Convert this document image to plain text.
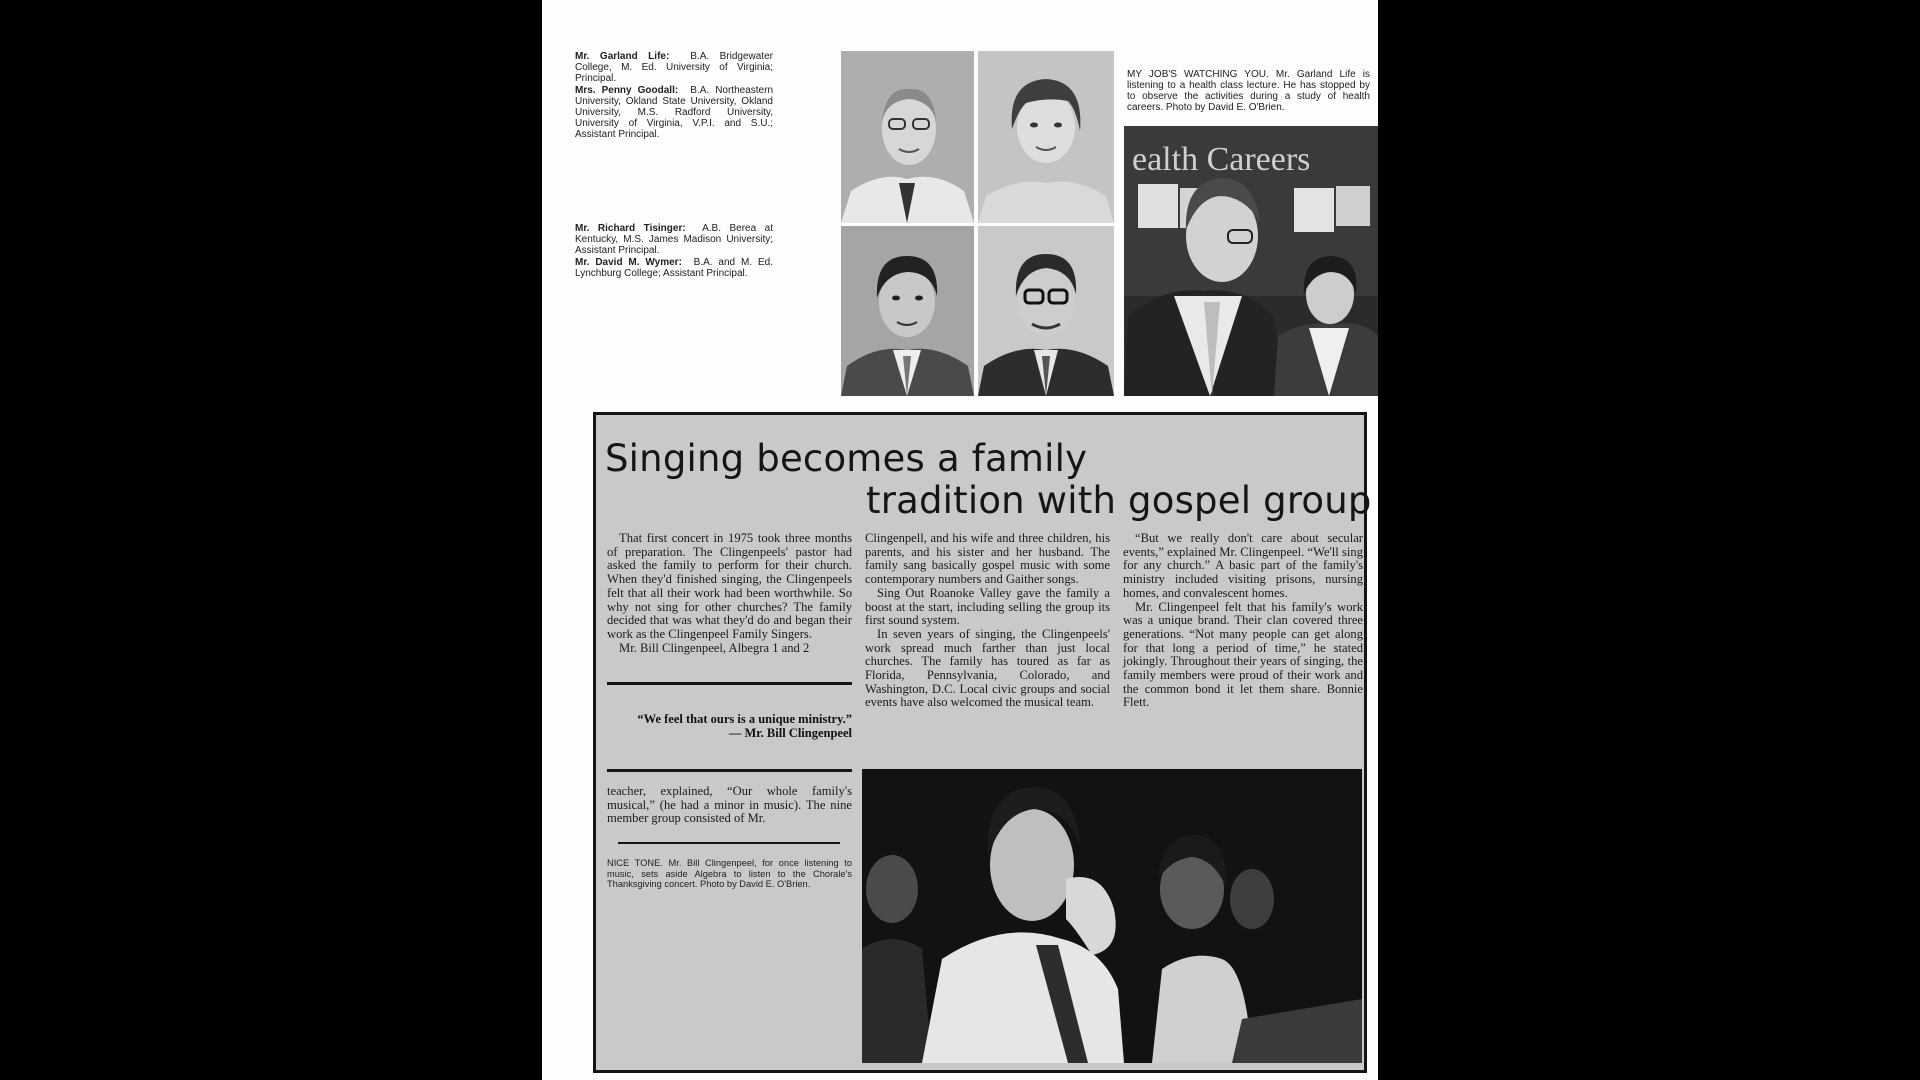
Mr. Garland Life: B.A. Bridgewater College, M. Ed. University of Virginia; Principal.

Mrs. Penny Goodall: B.A. Northeastern University, Okland State University, Okland University, M.S. Radford University, University of Virginia, V.P.I. and S.U.; Assistant Principal.

Mr. Richard Tisinger: A.B. Berea at Kentucky, M.S. James Madison University; Assistant Principal.

Mr. David M. Wymer: B.A. and M. Ed. Lynchburg College; Assistant Principal.

MY JOB'S WATCHING YOU. Mr. Garland Life is listening to a health class lecture. He has stopped by to observe the activities during a study of health careers. Photo by David E. O'Brien.
ealth Careers
Singing becomes a family
tradition with gospel group

That first concert in 1975 took three months of preparation. The Clingenpeels' pastor had asked the family to perform for their church. When they'd finished singing, the Clingenpeels felt that all their work had been worthwhile. So why not sing for other churches? The family decided that was what they'd do and began their work as the Clingenpeel Family Singers.

Mr. Bill Clingenpeel, Albegra 1 and 2

“We feel that ours is a unique ministry.”
— Mr. Bill Clingenpeel

teacher, explained, “Our whole family's musical,” (he had a minor in music). The nine member group consisted of Mr.

NICE TONE. Mr. Bill Clingenpeel, for once listening to music, sets aside Algebra to listen to the Chorale's Thanksgiving concert. Photo by David E. O'Brien.

Clingenpell, and his wife and three children, his parents, and his sister and her husband. The family sang basically gospel music with some contemporary numbers and Gaither songs.

Sing Out Roanoke Valley gave the family a boost at the start, including selling the group its first sound system.

In seven years of singing, the Clingenpeels' work spread much farther than just local churches. The family has toured as far as Florida, Pennsylvania, Colorado, and Washington, D.C. Local civic groups and social events have also welcomed the musical team.

“But we really don't care about secular events,” explained Mr. Clingenpeel. “We'll sing for any church.” A basic part of the family's ministry included visiting prisons, nursing homes, and convalescent homes.

Mr. Clingenpeel felt that his family's work was a unique brand. Their clan covered three generations. “Not many people can get along for that long a period of time,” he stated jokingly. Throughout their years of singing, the family members were proud of their work and the common bond it let them share. Bonnie Flett.
